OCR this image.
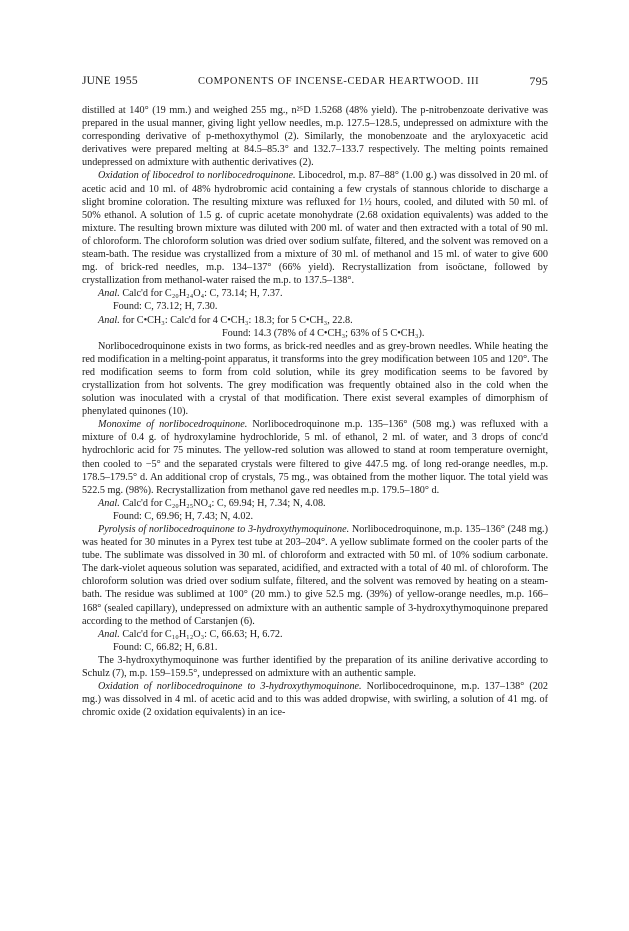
JUNE 1955	COMPONENTS OF INCENSE-CEDAR HEARTWOOD. III	795

distilled at 140° (19 mm.) and weighed 255 mg., n²⁵D 1.5268 (48% yield). The p-nitrobenzoate derivative was prepared in the usual manner, giving light yellow needles, m.p. 127.5–128.5, undepressed on admixture with the corresponding derivative of p-methoxythymol (2). Similarly, the monobenzoate and the aryloxyacetic acid derivatives were prepared melting at 84.5–85.3° and 132.7–133.7 respectively. The melting points remained undepressed on admixture with authentic derivatives (2).

Oxidation of libocedrol to norlibocedroquinone. Libocedrol, m.p. 87–88° (1.00 g.) was dissolved in 20 ml. of acetic acid and 10 ml. of 48% hydrobromic acid containing a few crystals of stannous chloride to discharge a slight bromine coloration. The resulting mixture was refluxed for 1½ hours, cooled, and diluted with 50 ml. of 50% ethanol. A solution of 1.5 g. of cupric acetate monohydrate (2.68 oxidation equivalents) was added to the mixture. The resulting brown mixture was diluted with 200 ml. of water and then extracted with a total of 90 ml. of chloroform. The chloroform solution was dried over sodium sulfate, filtered, and the solvent was removed on a steam-bath. The residue was crystallized from a mixture of 30 ml. of methanol and 15 ml. of water to give 600 mg. of brick-red needles, m.p. 134–137° (66% yield). Recrystallization from isoöctane, followed by crystallization from methanol-water raised the m.p. to 137.5–138°.

Anal. Calc'd for C₂₀H₂₄O₄: C, 73.14; H, 7.37.

Found: C, 73.12; H, 7.30.

Anal. for C•CH₃: Calc'd for 4 C•CH₃: 18.3; for 5 C•CH₃, 22.8.

Found: 14.3 (78% of 4 C•CH₃; 63% of 5 C•CH₃).

Norlibocedroquinone exists in two forms, as brick-red needles and as grey-brown needles. While heating the red modification in a melting-point apparatus, it transforms into the grey modification between 105 and 120°. The red modification seems to form from cold solution, while its grey modification seems to be favored by crystallization from hot solvents. The grey modification was frequently obtained also in the cold when the solution was inoculated with a crystal of that modification. There exist several examples of dimorphism of phenylated quinones (10).

Monoxime of norlibocedroquinone. Norlibocedroquinone m.p. 135–136° (508 mg.) was refluxed with a mixture of 0.4 g. of hydroxylamine hydrochloride, 5 ml. of ethanol, 2 ml. of water, and 3 drops of conc'd hydrochloric acid for 75 minutes. The yellow-red solution was allowed to stand at room temperature overnight, then cooled to −5° and the separated crystals were filtered to give 447.5 mg. of long red-orange needles, m.p. 178.5–179.5° d. An additional crop of crystals, 75 mg., was obtained from the mother liquor. The total yield was 522.5 mg. (98%). Recrystallization from methanol gave red needles m.p. 179.5–180° d.

Anal. Calc'd for C₂₀H₂₅NO₄: C, 69.94; H, 7.34; N, 4.08.

Found: C, 69.96; H, 7.43; N, 4.02.

Pyrolysis of norlibocedroquinone to 3-hydroxythymoquinone. Norlibocedroquinone, m.p. 135–136° (248 mg.) was heated for 30 minutes in a Pyrex test tube at 203–204°. A yellow sublimate formed on the cooler parts of the tube. The sublimate was dissolved in 30 ml. of chloroform and extracted with 50 ml. of 10% sodium carbonate. The dark-violet aqueous solution was separated, acidified, and extracted with a total of 40 ml. of chloroform. The chloroform solution was dried over sodium sulfate, filtered, and the solvent was removed by heating on a steam-bath. The residue was sublimed at 100° (20 mm.) to give 52.5 mg. (39%) of yellow-orange needles, m.p. 166–168° (sealed capillary), undepressed on admixture with an authentic sample of 3-hydroxythymoquinone prepared according to the method of Carstanjen (6).

Anal. Calc'd for C₁₀H₁₂O₃: C, 66.63; H, 6.72.

Found: C, 66.82; H, 6.81.

The 3-hydroxythymoquinone was further identified by the preparation of its aniline derivative according to Schulz (7), m.p. 159–159.5°, undepressed on admixture with an authentic sample.

Oxidation of norlibocedroquinone to 3-hydroxythymoquinone. Norlibocedroquinone, m.p. 137–138° (202 mg.) was dissolved in 4 ml. of acetic acid and to this was added dropwise, with swirling, a solution of 41 mg. of chromic oxide (2 oxidation equivalents) in an ice-
